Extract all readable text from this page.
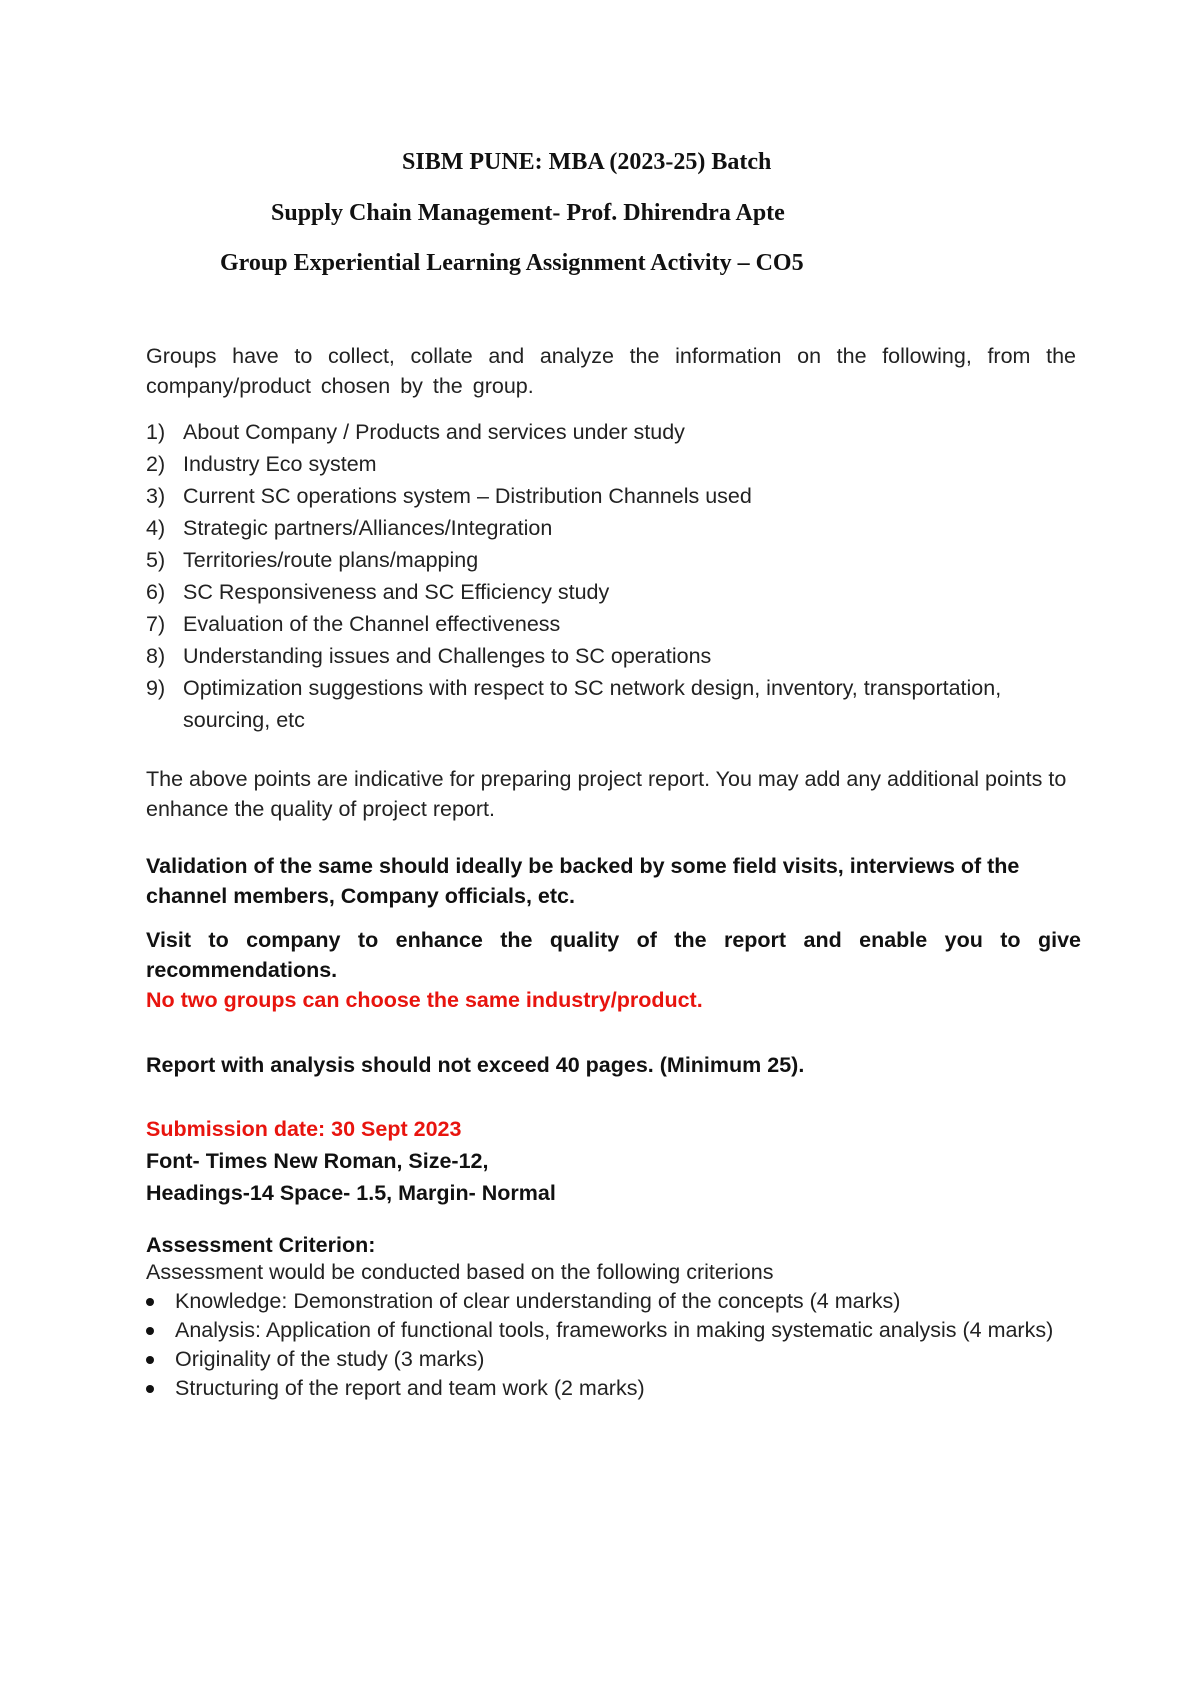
SIBM PUNE: MBA (2023-25) Batch
Supply Chain Management- Prof. Dhirendra Apte
Group Experiential Learning Assignment Activity – CO5

Groups have to collect, collate and analyze the information on the following, from the company/product chosen by the group.

1) About Company / Products and services under study
2) Industry Eco system
3) Current SC operations system – Distribution Channels used
4) Strategic partners/Alliances/Integration
5) Territories/route plans/mapping
6) SC Responsiveness and SC Efficiency study
7) Evaluation of the Channel effectiveness
8) Understanding issues and Challenges to SC operations
9) Optimization suggestions with respect to SC network design, inventory, transportation, sourcing, etc

The above points are indicative for preparing project report. You may add any additional points to enhance the quality of project report.

Validation of the same should ideally be backed by some field visits, interviews of the channel members, Company officials, etc.

Visit to company to enhance the quality of the report and enable you to give recommendations.

No two groups can choose the same industry/product.

Report with analysis should not exceed 40 pages. (Minimum 25).

Submission date: 30 Sept 2023

Font- Times New Roman, Size-12,

Headings-14 Space- 1.5, Margin- Normal

Assessment Criterion:

Assessment would be conducted based on the following criterions

Knowledge: Demonstration of clear understanding of the concepts (4 marks)
Analysis: Application of functional tools, frameworks in making systematic analysis (4 marks)
Originality of the study (3 marks)
Structuring of the report and team work (2 marks)
